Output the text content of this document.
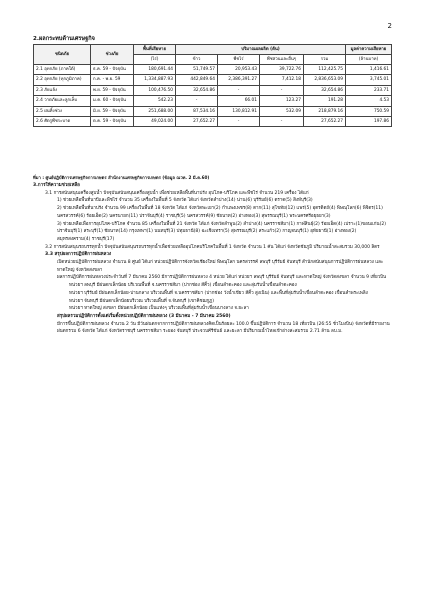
2
2.ผลกระทบด้านเศรษฐกิจ
ชนิดภัย	ช่วงภัย	พื้นที่เสียหาย	ปริมาณผลผลิต (ตัน)				มูลค่าความเสียหาย
		(ไร่)	ข้าว	พืชไร่	พืชสวนและอื่นๆ	รวม	(ล้านบาท)
2.1 อุทกภัย (ภาคใต้)	ธ.ค. 59 - ปัจจุบัน	180,691.44	51,749.57	20,953.43	39,722.76	112,425.75	1,416.61
2.2 อุทกภัย (ทุกภูมิภาค)	ก.ค. - พ.ย. 59	1,334,887.93	442,849.64	2,386,391.27	7,412.18	2,836,653.09	3,745.01
2.3 ภัยแล้ง	พ.ย. 59 - ปัจจุบัน	100,476.50	32,654.86	-	-	32,654.86	233.71
2.4 วาตภัยและลูกเห็บ	ม.ค. 60 - ปัจจุบัน	542.23	-	66.01	123.27	191.28	4.53
2.5 ฝนทิ้งช่วง	มิ.ย. 59 - ปัจจุบัน	251,688.00	87,534.16	130,812.91	532.09	218,879.16	750.59
2.6 ศัตรูพืชระบาด	ต.ค. 59 - ปัจจุบัน	49,024.00	27,652.27	-	-	27,652.27	197.86
ที่มา : ศูนย์ปฏิบัติการเศรษฐกิจการเกษตร สำนักงานเศรษฐกิจการเกษตร (ข้อมูล ณวท. 2 มี.ค.60)

3.การให้ความช่วยเหลือ

3.1 การสนับสนุนเครื่องสูบน้ำ ปัจจุบันสนับสนุนเครื่องสูบน้ำ เพื่อช่วยเหลือพื้นที่นาปรัง อุปโภค-บริโภค และพืชไร่ จำนวน 219 เครื่อง ได้แก่

1) ช่วยเหลือพื้นที่นาปีและพืชไร่ จำนวน 35 เครื่องในพื้นที่ 5 จังหวัด ได้แก่ จังหวัดลำปาง(14) น่าน(6) บุรีรัมย์(6) ตราด(5) สิงห์บุรี(3)

2) ช่วยเหลือพื้นที่นาปรัง จำนวน 99 เครื่องในพื้นที่ 18 จังหวัด ได้แก่ จังหวัดพะเยา(2) กำแพงเพชร(8) ตาก(11) สุโขทัย(12) แพร่(5) อุตรดิตถ์(4) พิษณุโลก(6) พิจิตร(11) นครสวรรค์(6) ร้อยเอ็ด(2) นครนายก(11) ปราจีนบุรี(4) ราชบุรี(5) นครสวรรค์(9) ชัยนาท(2) อ่างทอง(3) สุพรรณบุรี(1) พระนครศรีอยุธยา(3)

3) ช่วยเหลือเพื่อการอุปโภค-บริโภค จำนวน 85 เครื่องในพื้นที่ 21 จังหวัด ได้แก่ จังหวัดลำพูน(2) ลำปาง(4) นครราชสีมา(1) กาฬสินธุ์(2) ร้อยเอ็ด(4) เปราะ(1)ขอนแก่น(2) ปราจีนบุรี(1) สระบุรี(1) ชัยนาท(14) กรุงเทพฯ(1) นนทบุรี(3) ปทุมธานี(8) ฉะเชิงเทรา(5) สุพรรณบุรี(2) สระแก้ว(2) กาญจนบุรี(1) อุทัยธานี(1) อ่างทอง(2) สมุทรสงคราม(4) ราชบุรี(17)

3.2 การสนับสนุนรถบรรทุกน้ำ ปัจจุบันสนับสนุนรถบรรทุกน้ำเพื่อช่วยเหลืออุปโภคบริโภคในพื้นที่ 1 จังหวัด จำนวน 1 คัน ได้แก่ จังหวัดชัยภูมิ ปริมาณน้ำสะสมรวม 30,000 ลิตร

3.3 สรุปผลการปฏิบัติการฝนหลวง

เปิดหน่วยปฏิบัติการฝนหลวง จำนวน 8 ศูนย์ ได้แก่ หน่วยปฏิบัติการจังหวัดเชียงใหม่ พิษณุโลก นครสวรรค์ ลพบุรี บุรีรัมย์ จันทบุรี สำนักสนับสนุนการปฏิบัติการฝนหลวง และหาดใหญ่ จังหวัดสงขลา

ผลการปฏิบัติการฝนหลวงประจำวันที่ 7 มีนาคม 2560 มีการปฏิบัติการฝนหลวง 4 หน่วย ได้แก่ หน่วยฯ ลพบุรี บุรีรัมย์ จันทบุรี และหาดใหญ่ จังหวัดสงขลา จำนวน 9 เที่ยวบิน

หน่วยฯ ลพบุรี มีฝนตกเล็กน้อย บริเวณพื้นที่ จ.นครราชสีมา (ปากช่อง สีคิ้ว) เขื่อนลำตะคอง และลุ่มรับน้ำเขื่อนลำตะคอง

หน่วยฯ บุรีรัมย์ มีฝนตกเล็กน้อย-ปานกลาง บริเวณพื้นที่ จ.นครราชสีมา (ปากช่อง วังน้ำเขียว สีคิ้ว สูงเนิน) และพื้นที่ลุ่มรับน้ำเขื่อนลำตะคอง เขื่อนลำพระเพลิง

หน่วยฯ จันทบุรี มีฝนตกเล็กน้อยบริเวณ บริเวณพื้นที่ จ.จันทบุรี (เขาคิชฌกูฏ)

หน่วยฯ หาดใหญ่ สงขลา มีฝนตกเล็กน้อย เป็นแห่งๆ บริเวณพื้นที่ลุ่มรับน้ำเขื่อนบางลาง จ.ยะลา

สรุปผลรวมปฏิบัติการตั้งแต่เริ่มตั้งหน่วยปฏิบัติการฝนหลวง (3 มีนาคม - 7 มีนาคม 2560)

มีการขึ้นปฏิบัติการฝนหลวง จำนวน 2 วัน มีวันฝนตกจากการปฏิบัติการฝนหลวงคิดเป็นร้อยละ 100.0 ขึ้นปฏิบัติการ จำนวน 18 เที่ยวบิน (26:55 ชั่วโมงบิน) จังหวัดที่มีรายงานฝนตกรวม 6 จังหวัด ได้แก่ จังหวัดราชบุรี นครราชสีมา ระยอง จันทบุรี ประจวบคีรีขันธ์ และยะลา มีปริมาณน้ำไหลเข้าอ่างสะสมรวม 2.71 ล้าน ลบ.ม.
